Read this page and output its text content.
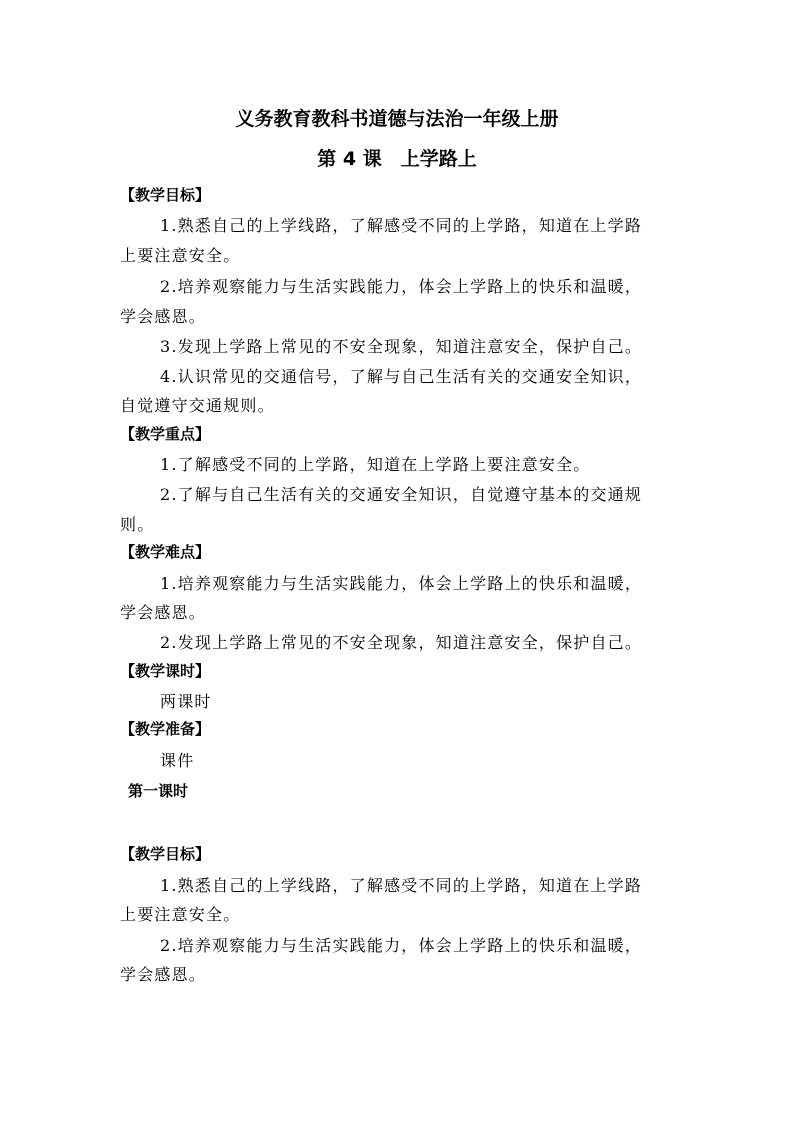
义务教育教科书道德与法治一年级上册
第 4 课　上学路上
【教学目标】
1.熟悉自己的上学线路，了解感受不同的上学路，知道在上学路
上要注意安全。
2.培养观察能力与生活实践能力，体会上学路上的快乐和温暖，
学会感恩。
3.发现上学路上常见的不安全现象，知道注意安全，保护自己。
4.认识常见的交通信号，了解与自己生活有关的交通安全知识，
自觉遵守交通规则。
【教学重点】
1.了解感受不同的上学路，知道在上学路上要注意安全。
2.了解与自己生活有关的交通安全知识，自觉遵守基本的交通规
则。
【教学难点】
1.培养观察能力与生活实践能力，体会上学路上的快乐和温暖，
学会感恩。
2.发现上学路上常见的不安全现象，知道注意安全，保护自己。
【教学课时】
两课时
【教学准备】
课件
第一课时
【教学目标】
1.熟悉自己的上学线路，了解感受不同的上学路，知道在上学路
上要注意安全。
2.培养观察能力与生活实践能力，体会上学路上的快乐和温暖，
学会感恩。
